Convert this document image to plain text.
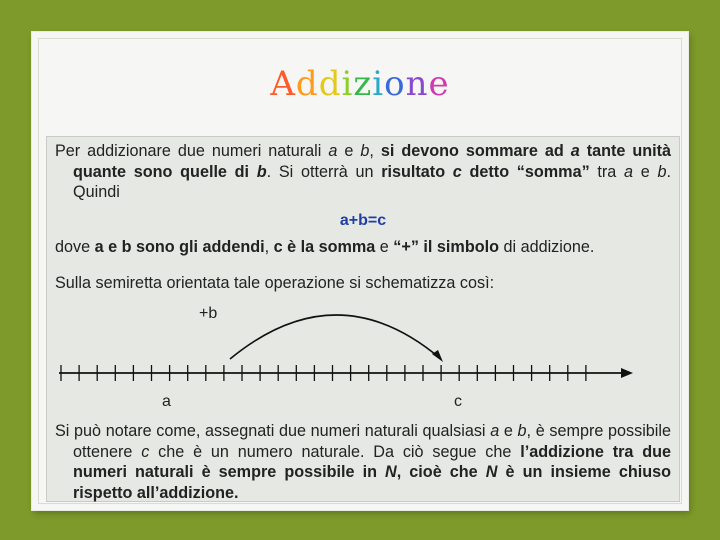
Addizione

Per addizionare due numeri naturali a e b, si devono sommare ad a tante unità quante sono quelle di b. Si otterrà un risultato c detto “somma” tra a e b. Quindi

a+b=c

dove a e b sono gli addendi, c è la somma e “+” il simbolo di addizione.

Sulla semiretta orientata tale operazione si schematizza così:

+b
a	c

Si può notare come, assegnati due numeri naturali qualsiasi a e b, è sempre possibile ottenere c che è un numero naturale. Da ciò segue che l’addizione tra due numeri naturali è sempre possibile in N, cioè che N è un insieme chiuso rispetto all’addizione.
